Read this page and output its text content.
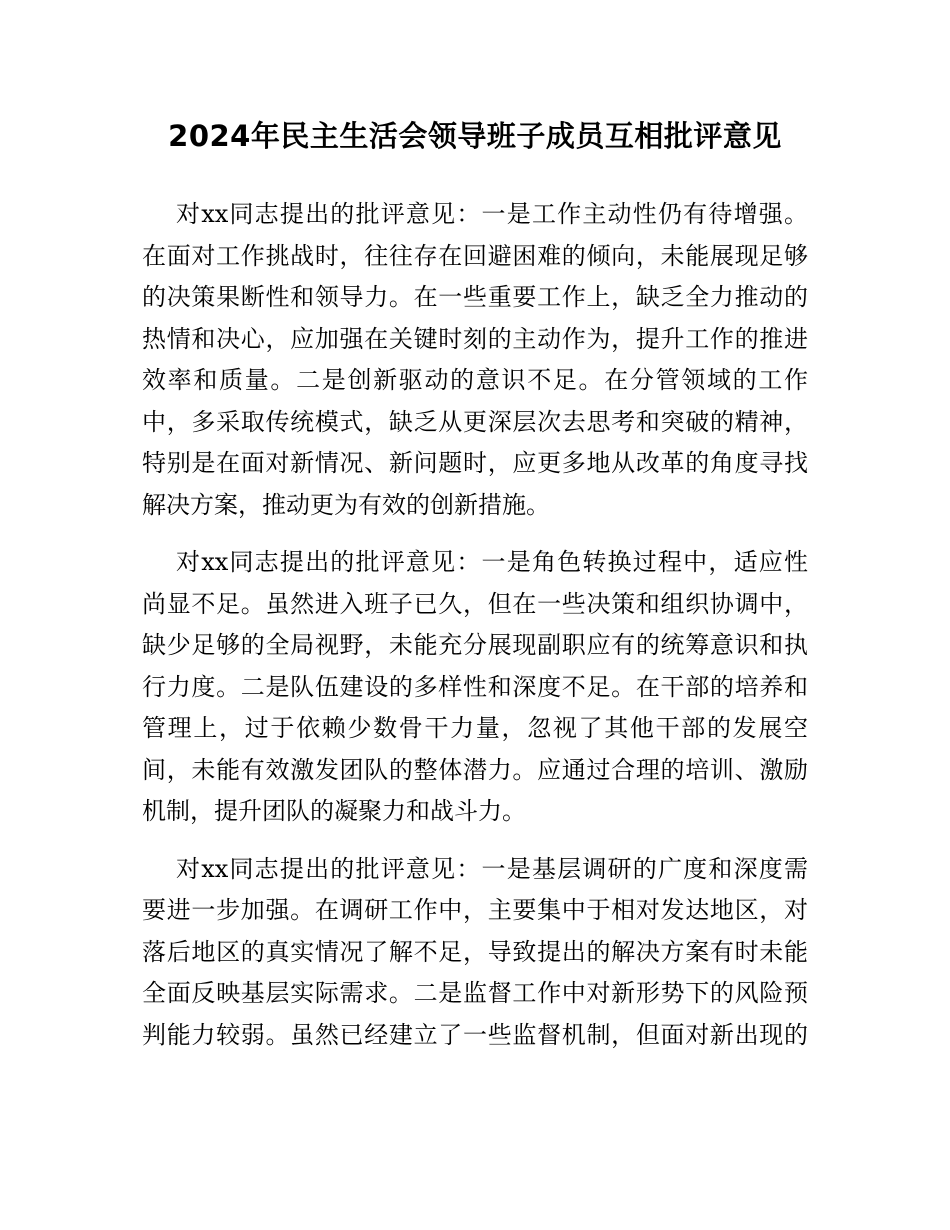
2024年民主生活会领导班子成员互相批评意见
对xx同志提出的批评意见：一是工作主动性仍有待增强。
在面对工作挑战时，往往存在回避困难的倾向，未能展现足够
的决策果断性和领导力。在一些重要工作上，缺乏全力推动的
热情和决心，应加强在关键时刻的主动作为，提升工作的推进
效率和质量。二是创新驱动的意识不足。在分管领域的工作
中，多采取传统模式，缺乏从更深层次去思考和突破的精神，
特别是在面对新情况、新问题时，应更多地从改革的角度寻找
解决方案，推动更为有效的创新措施。
对xx同志提出的批评意见：一是角色转换过程中，适应性
尚显不足。虽然进入班子已久，但在一些决策和组织协调中，
缺少足够的全局视野，未能充分展现副职应有的统筹意识和执
行力度。二是队伍建设的多样性和深度不足。在干部的培养和
管理上，过于依赖少数骨干力量，忽视了其他干部的发展空
间，未能有效激发团队的整体潜力。应通过合理的培训、激励
机制，提升团队的凝聚力和战斗力。
对xx同志提出的批评意见：一是基层调研的广度和深度需
要进一步加强。在调研工作中，主要集中于相对发达地区，对
落后地区的真实情况了解不足，导致提出的解决方案有时未能
全面反映基层实际需求。二是监督工作中对新形势下的风险预
判能力较弱。虽然已经建立了一些监督机制，但面对新出现的
